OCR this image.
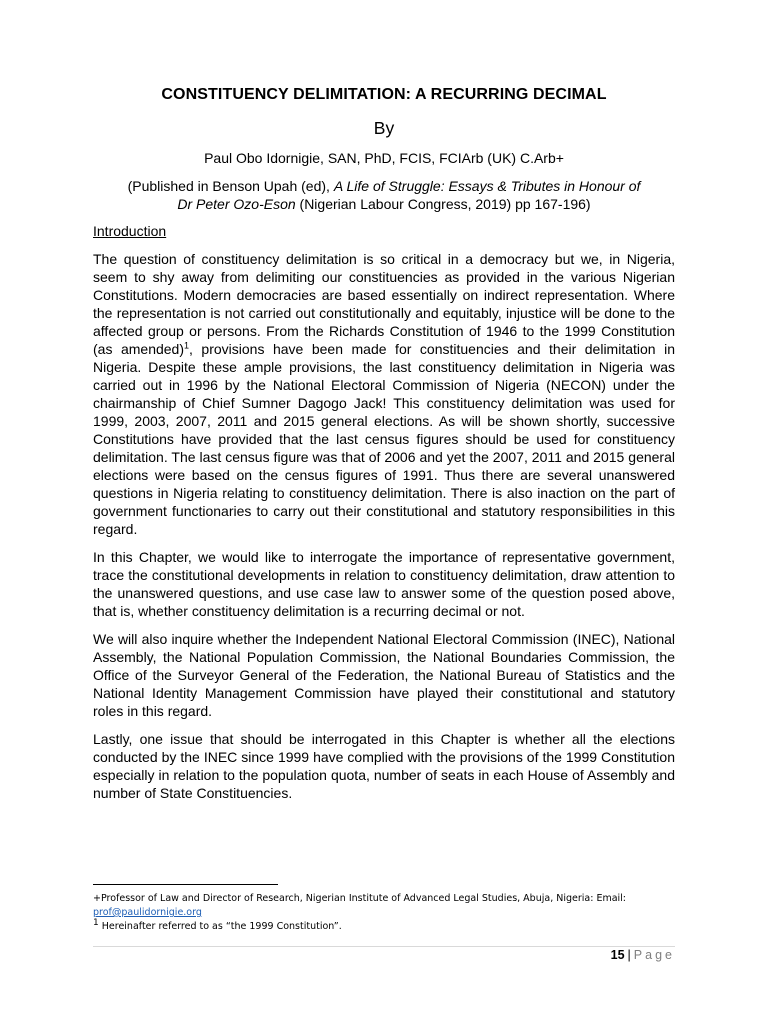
CONSTITUENCY DELIMITATION: A RECURRING DECIMAL
By
Paul Obo Idornigie, SAN, PhD, FCIS, FCIArb (UK) C.Arb+
(Published in Benson Upah (ed), A Life of Struggle: Essays & Tributes in Honour of
Dr Peter Ozo-Eson (Nigerian Labour Congress, 2019) pp 167-196)
Introduction

The question of constituency delimitation is so critical in a democracy but we, in Nigeria, seem to shy away from delimiting our constituencies as provided in the various Nigerian Constitutions. Modern democracies are based essentially on indirect representation. Where the representation is not carried out constitutionally and equitably, injustice will be done to the affected group or persons. From the Richards Constitution of 1946 to the 1999 Constitution (as amended)$^1$, provisions have been made for constituencies and their delimitation in Nigeria. Despite these ample provisions, the last constituency delimitation in Nigeria was carried out in 1996 by the National Electoral Commission of Nigeria (NECON) under the chairmanship of Chief Sumner Dagogo Jack! This constituency delimitation was used for 1999, 2003, 2007, 2011 and 2015 general elections. As will be shown shortly, successive Constitutions have provided that the last census figures should be used for constituency delimitation. The last census figure was that of 2006 and yet the 2007, 2011 and 2015 general elections were based on the census figures of 1991. Thus there are several unanswered questions in Nigeria relating to constituency delimitation. There is also inaction on the part of government functionaries to carry out their constitutional and statutory responsibilities in this regard.

In this Chapter, we would like to interrogate the importance of representative government, trace the constitutional developments in relation to constituency delimitation, draw attention to the unanswered questions, and use case law to answer some of the question posed above, that is, whether constituency delimitation is a recurring decimal or not.

We will also inquire whether the Independent National Electoral Commission (INEC), National Assembly, the National Population Commission, the National Boundaries Commission, the Office of the Surveyor General of the Federation, the National Bureau of Statistics and the National Identity Management Commission have played their constitutional and statutory roles in this regard.

Lastly, one issue that should be interrogated in this Chapter is whether all the elections conducted by the INEC since 1999 have complied with the provisions of the 1999 Constitution especially in relation to the population quota, number of seats in each House of Assembly and number of State Constituencies.

+Professor of Law and Director of Research, Nigerian Institute of Advanced Legal Studies, Abuja, Nigeria: Email:
prof@paulidornigie.org
$^1$ Hereinafter referred to as “the 1999 Constitution”.
15 | Page
